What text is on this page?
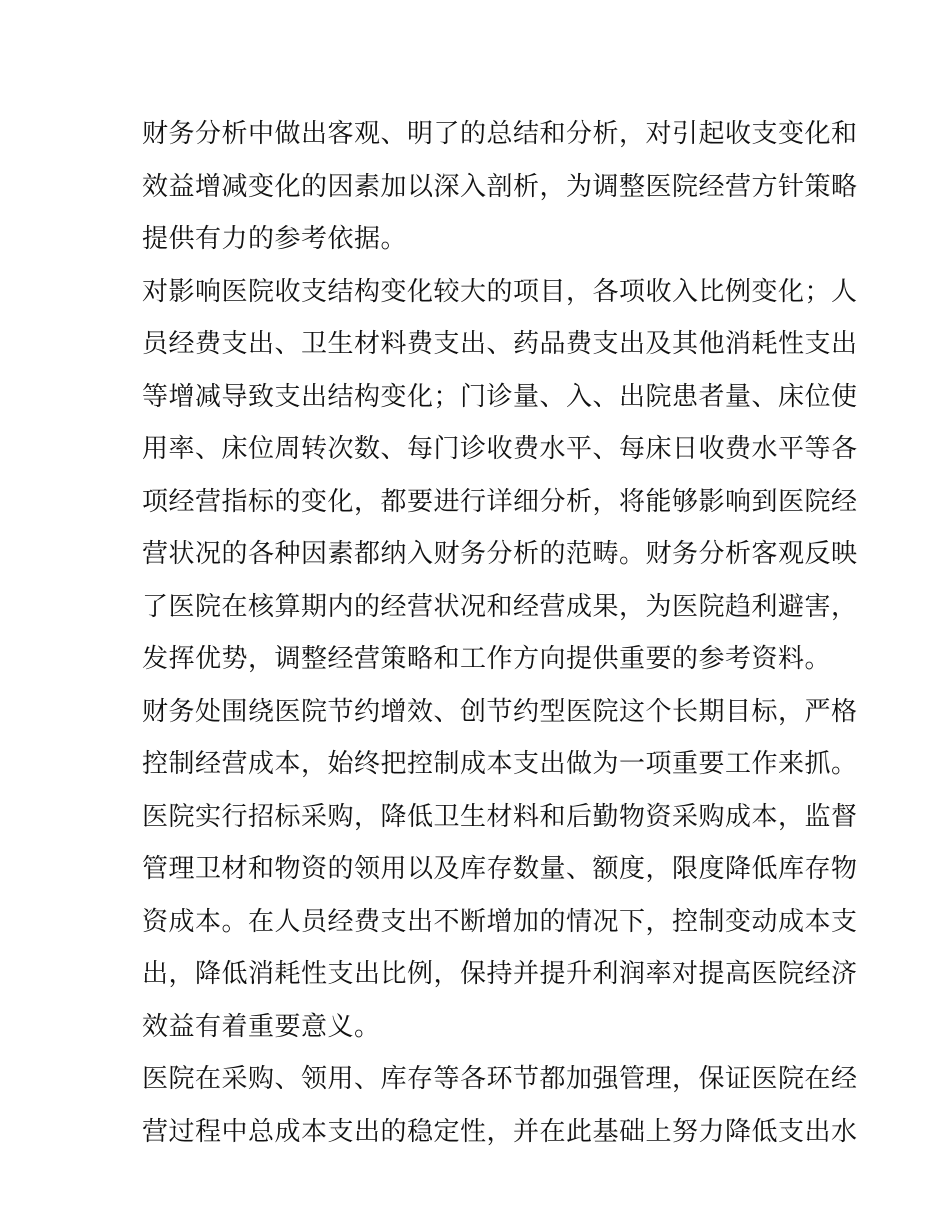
财务分析中做出客观、明了的总结和分析，对引起收支变化和
效益增减变化的因素加以深入剖析，为调整医院经营方针策略
提供有力的参考依据。
对影响医院收支结构变化较大的项目，各项收入比例变化；人
员经费支出、卫生材料费支出、药品费支出及其他消耗性支出
等增减导致支出结构变化；门诊量、入、出院患者量、床位使
用率、床位周转次数、每门诊收费水平、每床日收费水平等各
项经营指标的变化，都要进行详细分析，将能够影响到医院经
营状况的各种因素都纳入财务分析的范畴。财务分析客观反映
了医院在核算期内的经营状况和经营成果，为医院趋利避害，
发挥优势，调整经营策略和工作方向提供重要的参考资料。
财务处围绕医院节约增效、创节约型医院这个长期目标，严格
控制经营成本，始终把控制成本支出做为一项重要工作来抓。
医院实行招标采购，降低卫生材料和后勤物资采购成本，监督
管理卫材和物资的领用以及库存数量、额度，限度降低库存物
资成本。在人员经费支出不断增加的情况下，控制变动成本支
出，降低消耗性支出比例，保持并提升利润率对提高医院经济
效益有着重要意义。
医院在采购、领用、库存等各环节都加强管理，保证医院在经
营过程中总成本支出的稳定性，并在此基础上努力降低支出水
